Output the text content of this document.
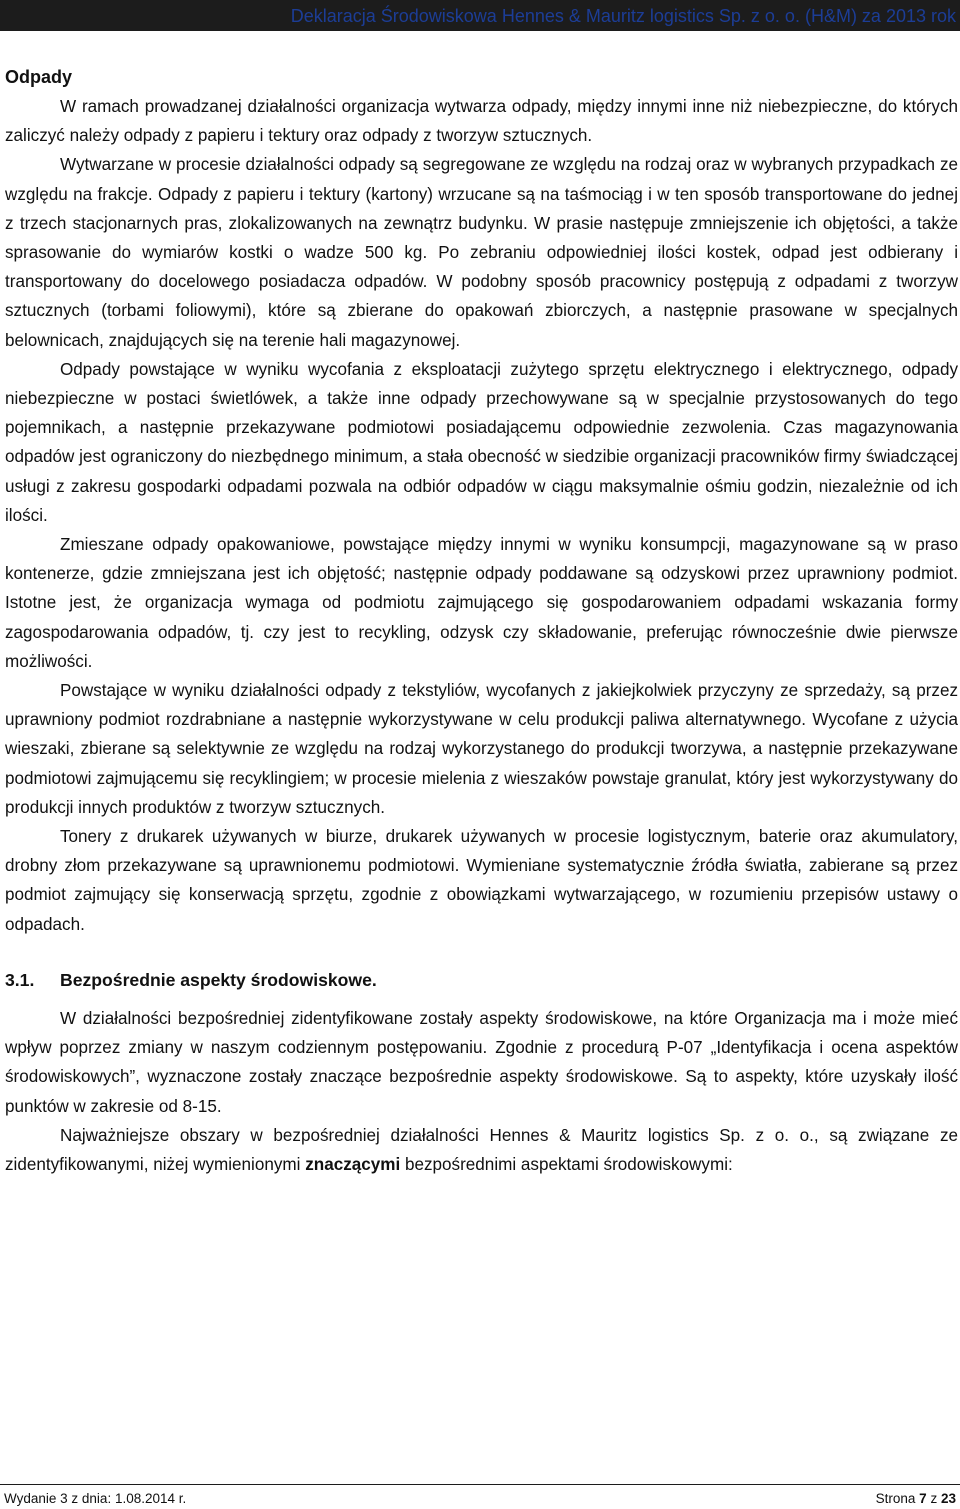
Deklaracja Środowiskowa Hennes & Mauritz logistics Sp. z o. o. (H&M) za 2013 rok
Odpady

W ramach prowadzanej działalności organizacja wytwarza odpady, między innymi inne niż niebezpieczne, do których zaliczyć należy odpady z papieru i tektury oraz odpady z tworzyw sztucznych.

Wytwarzane w procesie działalności odpady są segregowane ze względu na rodzaj oraz w wybranych przypadkach ze względu na frakcje. Odpady z papieru i tektury (kartony) wrzucane są na taśmociąg i w ten sposób transportowane do jednej z trzech stacjonarnych pras, zlokalizowanych na zewnątrz budynku. W prasie następuje zmniejszenie ich objętości, a także sprasowanie do wymiarów kostki o wadze 500 kg. Po zebraniu odpowiedniej ilości kostek, odpad jest odbierany i transportowany do docelowego posiadacza odpadów. W podobny sposób pracownicy postępują z odpadami z tworzyw sztucznych (torbami foliowymi), które są zbierane do opakowań zbiorczych, a następnie prasowane w specjalnych belownicach, znajdujących się na terenie hali magazynowej.

Odpady powstające w wyniku wycofania z eksploatacji zużytego sprzętu elektrycznego i elektrycznego, odpady niebezpieczne w postaci świetlówek, a także inne odpady przechowywane są w specjalnie przystosowanych do tego pojemnikach, a następnie przekazywane podmiotowi posiadającemu odpowiednie zezwolenia. Czas magazynowania odpadów jest ograniczony do niezbędnego minimum, a stała obecność w siedzibie organizacji pracowników firmy świadczącej usługi z zakresu gospodarki odpadami pozwala na odbiór odpadów w ciągu maksymalnie ośmiu godzin, niezależnie od ich ilości.

Zmieszane odpady opakowaniowe, powstające między innymi w wyniku konsumpcji, magazynowane są w praso kontenerze, gdzie zmniejszana jest ich objętość; następnie odpady poddawane są odzyskowi przez uprawniony podmiot. Istotne jest, że organizacja wymaga od podmiotu zajmującego się gospodarowaniem odpadami wskazania formy zagospodarowania odpadów, tj. czy jest to recykling, odzysk czy składowanie, preferując równocześnie dwie pierwsze możliwości.

Powstające w wyniku działalności odpady z tekstyliów, wycofanych z jakiejkolwiek przyczyny ze sprzedaży, są przez uprawniony podmiot rozdrabniane a następnie wykorzystywane w celu produkcji paliwa alternatywnego. Wycofane z użycia wieszaki, zbierane są selektywnie ze względu na rodzaj wykorzystanego do produkcji tworzywa, a następnie przekazywane podmiotowi zajmującemu się recyklingiem; w procesie mielenia z wieszaków powstaje granulat, który jest wykorzystywany do produkcji innych produktów z tworzyw sztucznych.

Tonery z drukarek używanych w biurze, drukarek używanych w procesie logistycznym, baterie oraz akumulatory, drobny złom przekazywane są uprawnionemu podmiotowi. Wymieniane systematycznie źródła światła, zabierane są przez podmiot zajmujący się konserwacją sprzętu, zgodnie z obowiązkami wytwarzającego, w rozumieniu przepisów ustawy o odpadach.

3.1. Bezpośrednie aspekty środowiskowe.

W działalności bezpośredniej zidentyfikowane zostały aspekty środowiskowe, na które Organizacja ma i może mieć wpływ poprzez zmiany w naszym codziennym postępowaniu. Zgodnie z procedurą P-07 „Identyfikacja i ocena aspektów środowiskowych”, wyznaczone zostały znaczące bezpośrednie aspekty środowiskowe. Są to aspekty, które uzyskały ilość punktów w zakresie od 8-15.

Najważniejsze obszary w bezpośredniej działalności Hennes & Mauritz logistics Sp. z o. o., są związane ze zidentyfikowanymi, niżej wymienionymi znaczącymi bezpośrednimi aspektami środowiskowymi:

Wydanie 3 z dnia: 1.08.2014 r.	Strona 7 z 23
